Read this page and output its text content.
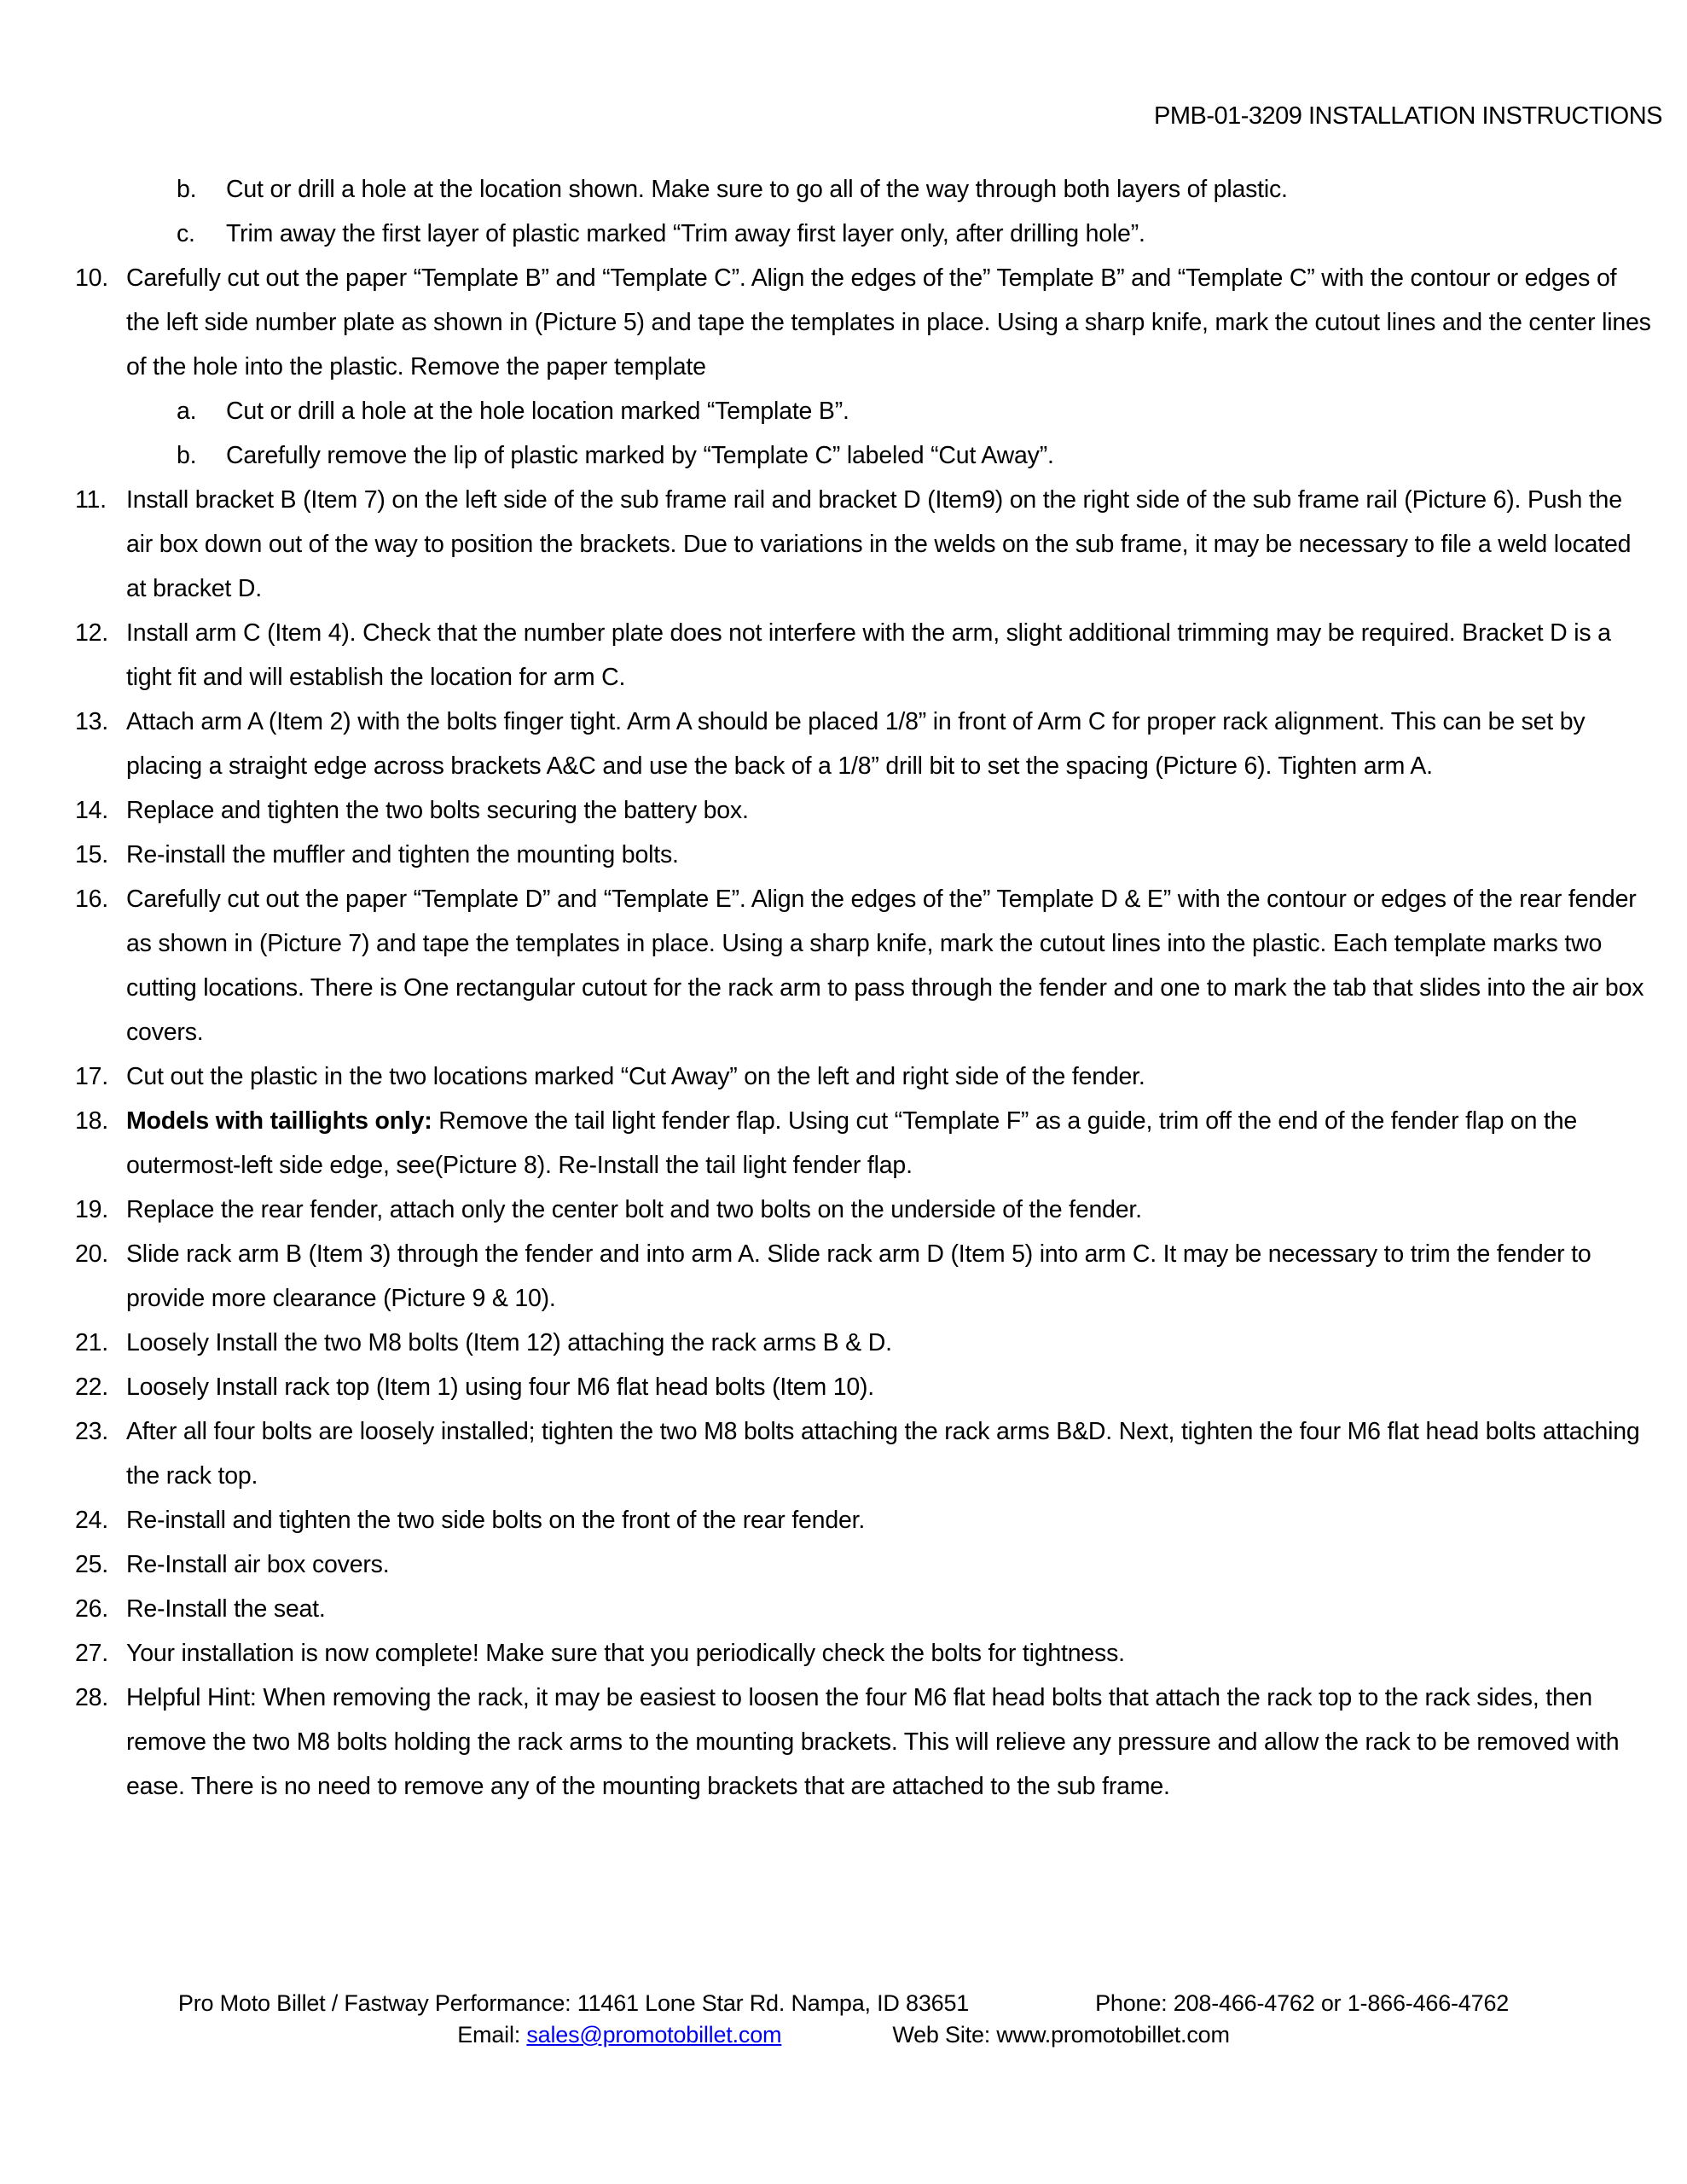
PMB-01-3209 INSTALLATION INSTRUCTIONS
b.	Cut or drill a hole at the location shown. Make sure to go all of the way through both layers of plastic.
c.	Trim away the first layer of plastic marked “Trim away first layer only, after drilling hole”.
10. Carefully cut out the paper “Template B” and “Template C”. Align the edges of the” Template B” and “Template C” with the contour or edges of the left side number plate as shown in (Picture 5) and tape the templates in place. Using a sharp knife, mark the cutout lines and the center lines of the hole into the plastic. Remove the paper template
a.	Cut or drill a hole at the hole location marked “Template B”.
b.	Carefully remove the lip of plastic marked by “Template C” labeled “Cut Away”.
11. Install bracket B (Item 7) on the left side of the sub frame rail and bracket D (Item9) on the right side of the sub frame rail (Picture 6). Push the air box down out of the way to position the brackets. Due to variations in the welds on the sub frame, it may be necessary to file a weld located at bracket D.
12. Install arm C (Item 4). Check that the number plate does not interfere with the arm, slight additional trimming may be required. Bracket D is a tight fit and will establish the location for arm C.
13. Attach arm A (Item 2) with the bolts finger tight. Arm A should be placed 1/8” in front of Arm C for proper rack alignment. This can be set by placing a straight edge across brackets A&C and use the back of a 1/8” drill bit to set the spacing (Picture 6). Tighten arm A.
14. Replace and tighten the two bolts securing the battery box.
15. Re-install the muffler and tighten the mounting bolts.
16. Carefully cut out the paper “Template D” and “Template E”. Align the edges of the” Template D & E” with the contour or edges of the rear fender as shown in (Picture 7) and tape the templates in place. Using a sharp knife, mark the cutout lines into the plastic. Each template marks two cutting locations. There is One rectangular cutout for the rack arm to pass through the fender and one to mark the tab that slides into the air box covers.
17. Cut out the plastic in the two locations marked “Cut Away” on the left and right side of the fender.
18. Models with taillights only: Remove the tail light fender flap. Using cut “Template F” as a guide, trim off the end of the fender flap on the outermost-left side edge, see(Picture 8). Re-Install the tail light fender flap.
19. Replace the rear fender, attach only the center bolt and two bolts on the underside of the fender.
20. Slide rack arm B (Item 3) through the fender and into arm A. Slide rack arm D (Item 5) into arm C. It may be necessary to trim the fender to provide more clearance (Picture 9 & 10).
21. Loosely Install the two M8 bolts (Item 12) attaching the rack arms B & D.
22. Loosely Install rack top (Item 1) using four M6 flat head bolts (Item 10).
23. After all four bolts are loosely installed; tighten the two M8 bolts attaching the rack arms B&D. Next, tighten the four M6 flat head bolts attaching the rack top.
24. Re-install and tighten the two side bolts on the front of the rear fender.
25. Re-Install air box covers.
26. Re-Install the seat.
27. Your installation is now complete! Make sure that you periodically check the bolts for tightness.
28. Helpful Hint: When removing the rack, it may be easiest to loosen the four M6 flat head bolts that attach the rack top to the rack sides, then remove the two M8 bolts holding the rack arms to the mounting brackets. This will relieve any pressure and allow the rack to be removed with ease. There is no need to remove any of the mounting brackets that are attached to the sub frame.
Pro Moto Billet / Fastway Performance: 11461 Lone Star Rd. Nampa, ID 83651	Phone: 208-466-4762 or 1-866-466-4762
Email: sales@promotobillet.com	Web Site: www.promotobillet.com
